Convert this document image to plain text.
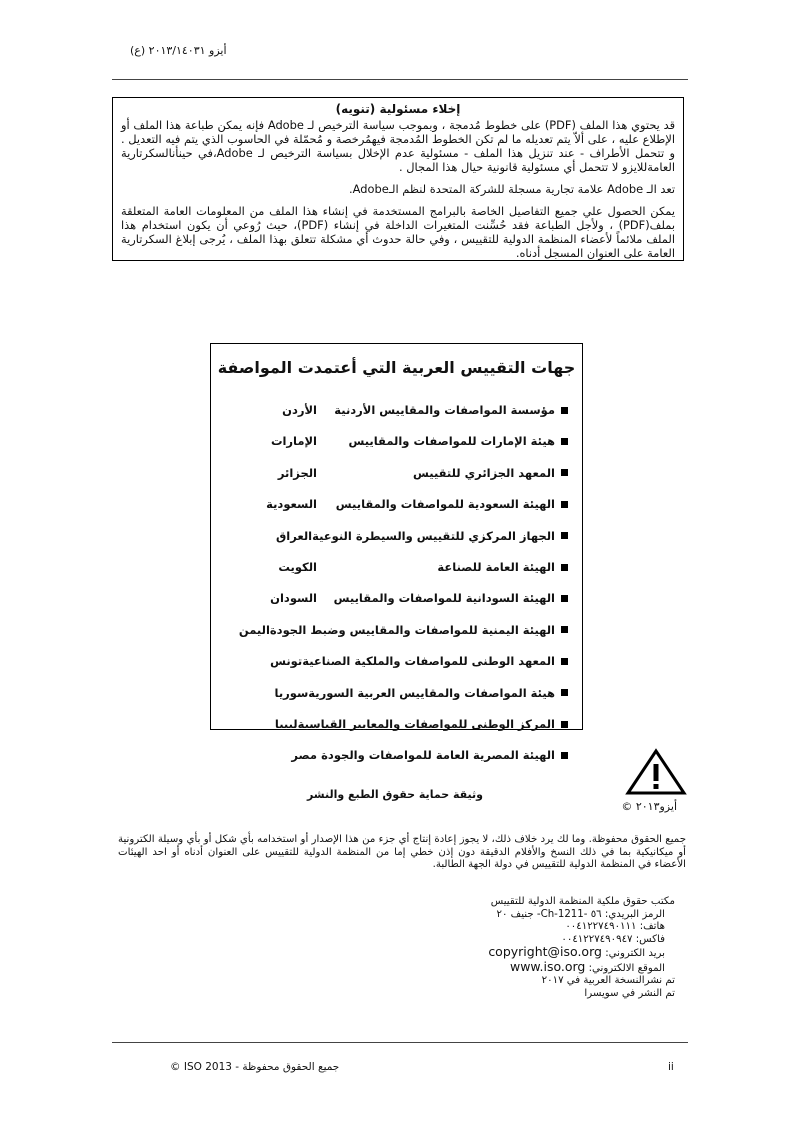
أيزو ٢٠١٣/١٤٠٣١ (ع)
إخلاء مسئولية (تنويه)

قد يحتوي هذا الملف (PDF) على خطوط مُدمجة ، وبموجب سياسة الترخيص لـ Adobe فإنه يمكن طباعة هذا الملف أو الإطلاع عليه ، على ألاّ يتم تعديله ما لم تكن الخطوط المُدمجة فيهمُرخصة و مُحمّلة في الحاسوب الذي يتم فيه التعديل . و تتحمل الأطراف - عند تنزيل هذا الملف - مسئولية عدم الإخلال بسياسة الترخيص لـ Adobe،في حينأنالسكرتارية العامةللايزو لا تتحمل أي مسئولية قانونية حيال هذا المجال .

تعد الـ Adobe علامة تجارية مسجلة للشركة المتحدة لنظم الـAdobe.

يمكن الحصول علي جميع التفاصيل الخاصة بالبرامج المستخدمة في إنشاء هذا الملف من المعلومات العامة المتعلقة بملف(PDF) ، ولأجل الطباعة فقد حُسِّنت المتغيرات الداخلة في إنشاء (PDF)، حيث رُوعي أن يكون استخدام هذا الملف ملائماً لأعضاء المنظمة الدولية للتقييس ، وفي حالة حدوث أي مشكلة تتعلق بهذا الملف ، يُرجى إبلاغ السكرتارية العامة على العنوان المسجل أدناه.

جهات التقييس العربية التي أعتمدت المواصفة
مؤسسة المواصفات والمقاييس الأردنية
الأردن
هيئة الإمارات للمواصفات والمقاييس
الإمارات
المعهد الجزائري للتقييس
الجزائر
الهيئة السعودية للمواصفات والمقاييس
السعودية
الجهاز المركزي للتقييس والسيطرة النوعية
العراق
الهيئة العامة للصناعة
الكويت
الهيئة السودانية للمواصفات والمقاييس
السودان
الهيئة اليمنية للمواصفات والمقاييس وضبط الجودة
اليمن
المعهد الوطنى للمواصفات والملكية الصناعية
تونس
هيئة المواصفات والمقاييس العربية السورية
سوريا
المركز الوطنى للمواصفات والمعايير القياسية
ليبيا
الهيئة المصرية العامة للمواصفات والجودة
مصر
وثيقة حماية حقوق الطبع والنشر
أيزو٢٠١٣ ©
جميع الحقوق محفوظة. وما لك يرد خلاف ذلك، لا يجوز إعادة إنتاج أي جزء من هذا الإصدار أو استخدامه بأي شكل أو بأي وسيلة الكترونية أو ميكانيكية بما في ذلك النسخ والأفلام الدقيقة دون إذن خطي إما من المنظمة الدولية للتقييس على العنوان أدناه أو احد الهيئات الأعضاء في المنظمة الدولية للتقييس في دولة الجهة الطالبة.
مكتب حقوق ملكية المنظمة الدولية للتقييس
الرمز البريدي: ٥٦ -Ch-1211- جنيف ٢٠
هاتف: ٠٠٤١٢٢٧٤٩٠١١١
فاكس: ٠٠٤١٢٢٧٤٩٠٩٤٧
بريد الكتروني: copyright@iso.org
الموقع الالكتروني: www.iso.org
تم نشرالنسخة العربية في ٢٠١٧
تم النشر في سويسرا
جميع الحقوق محفوظة - ISO 2013 ©	ii
